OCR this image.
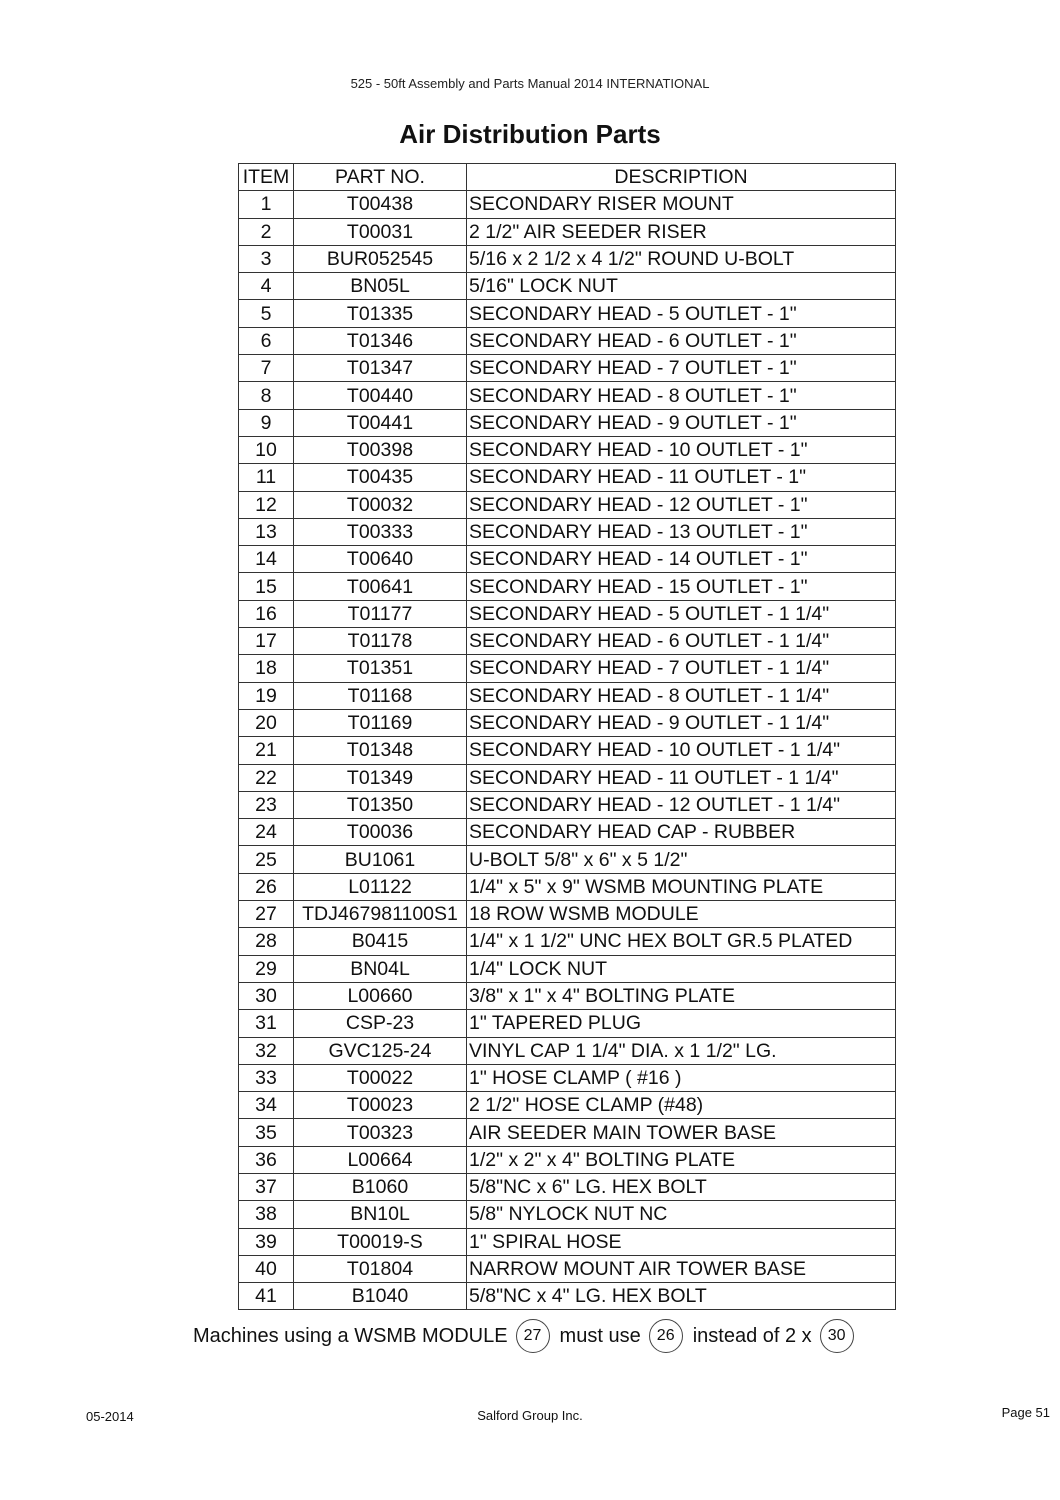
525 - 50ft Assembly and Parts Manual 2014 INTERNATIONAL
Air Distribution Parts
ITEM	PART NO.	DESCRIPTION
1	T00438	SECONDARY RISER MOUNT
2	T00031	2 1/2" AIR SEEDER RISER
3	BUR052545	5/16 x 2 1/2 x 4 1/2" ROUND U-BOLT
4	BN05L	5/16" LOCK NUT
5	T01335	SECONDARY HEAD - 5 OUTLET - 1"
6	T01346	SECONDARY HEAD - 6 OUTLET - 1"
7	T01347	SECONDARY HEAD - 7 OUTLET - 1"
8	T00440	SECONDARY HEAD - 8 OUTLET - 1"
9	T00441	SECONDARY HEAD - 9 OUTLET - 1"
10	T00398	SECONDARY HEAD - 10 OUTLET - 1"
11	T00435	SECONDARY HEAD - 11 OUTLET - 1"
12	T00032	SECONDARY HEAD - 12 OUTLET - 1"
13	T00333	SECONDARY HEAD - 13 OUTLET - 1"
14	T00640	SECONDARY HEAD - 14 OUTLET - 1"
15	T00641	SECONDARY HEAD - 15 OUTLET - 1"
16	T01177	SECONDARY HEAD - 5 OUTLET - 1 1/4"
17	T01178	SECONDARY HEAD - 6 OUTLET - 1 1/4"
18	T01351	SECONDARY HEAD - 7 OUTLET - 1 1/4"
19	T01168	SECONDARY HEAD - 8 OUTLET - 1 1/4"
20	T01169	SECONDARY HEAD - 9 OUTLET - 1 1/4"
21	T01348	SECONDARY HEAD - 10 OUTLET - 1 1/4"
22	T01349	SECONDARY HEAD - 11 OUTLET - 1 1/4"
23	T01350	SECONDARY HEAD - 12 OUTLET - 1 1/4"
24	T00036	SECONDARY HEAD CAP - RUBBER
25	BU1061	U-BOLT 5/8" x 6" x 5 1/2"
26	L01122	1/4" x 5" x 9" WSMB MOUNTING PLATE
27	TDJ467981100S1	18 ROW WSMB MODULE
28	B0415	1/4" x 1 1/2" UNC HEX BOLT GR.5 PLATED
29	BN04L	1/4" LOCK NUT
30	L00660	3/8" x 1" x 4" BOLTING PLATE
31	CSP-23	1" TAPERED PLUG
32	GVC125-24	VINYL CAP 1 1/4" DIA. x 1 1/2" LG.
33	T00022	1" HOSE CLAMP ( #16 )
34	T00023	2 1/2" HOSE CLAMP (#48)
35	T00323	AIR SEEDER MAIN TOWER BASE
36	L00664	1/2" x 2" x 4" BOLTING PLATE
37	B1060	5/8"NC x 6" LG. HEX BOLT
38	BN10L	5/8" NYLOCK NUT NC
39	T00019-S	1" SPIRAL HOSE
40	T01804	NARROW MOUNT AIR TOWER BASE
41	B1040	5/8"NC x 4" LG. HEX BOLT
Machines using a WSMB MODULE	27 must use	26 instead of 2 x	30
05-2014	Salford Group Inc.	Page 51
